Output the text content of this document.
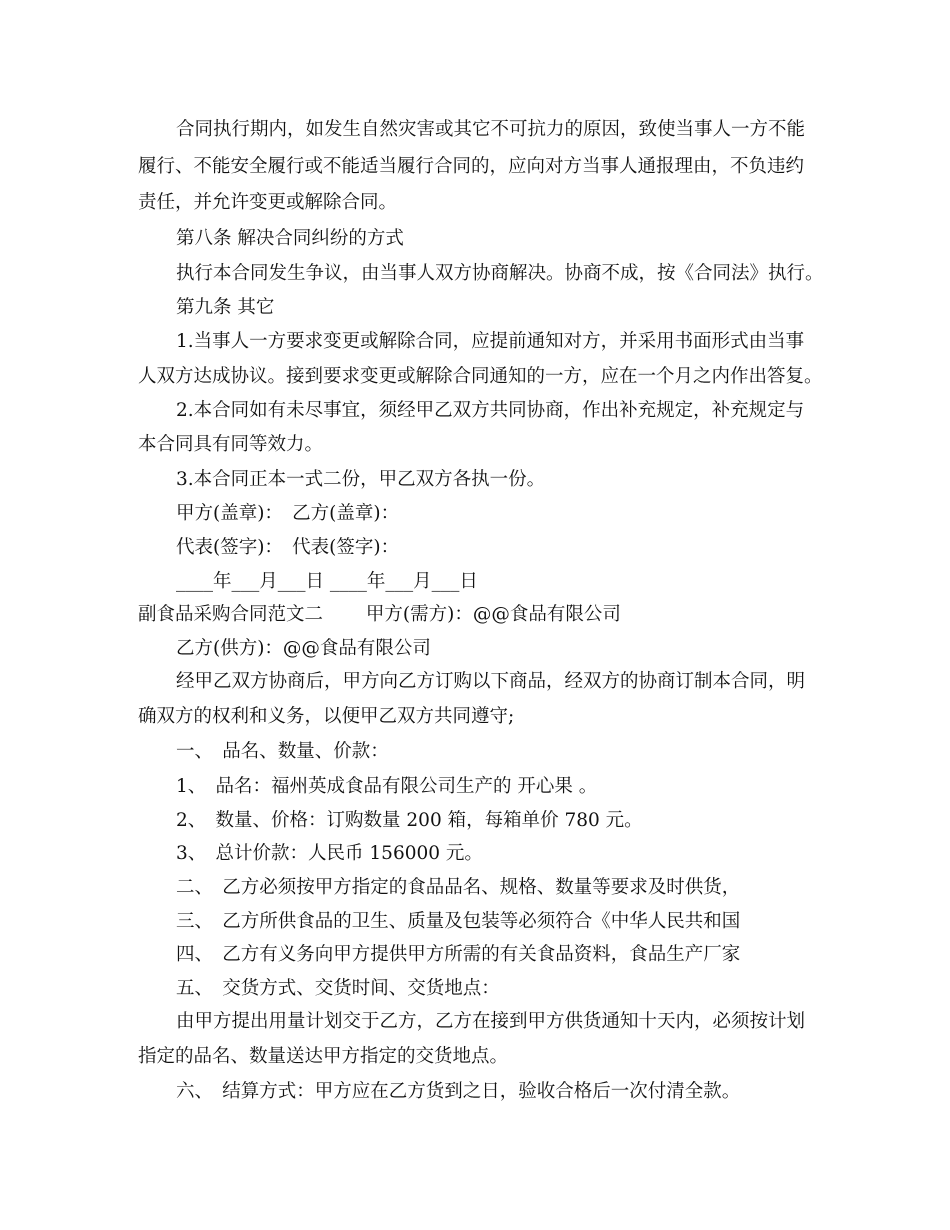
合同执行期内，如发生自然灾害或其它不可抗力的原因，致使当事人一方不能
履行、不能安全履行或不能适当履行合同的，应向对方当事人通报理由，不负违约
责任，并允许变更或解除合同。
第八条 解决合同纠纷的方式
执行本合同发生争议，由当事人双方协商解决。协商不成，按《合同法》执行。
第九条 其它
1.当事人一方要求变更或解除合同，应提前通知对方，并采用书面形式由当事
人双方达成协议。接到要求变更或解除合同通知的一方，应在一个月之内作出答复。
2.本合同如有未尽事宜，须经甲乙双方共同协商，作出补充规定，补充规定与
本合同具有同等效力。
3.本合同正本一式二份，甲乙双方各执一份。
甲方(盖章)：　乙方(盖章)：
代表(签字)：　代表(签字)：
____年___月___日 ____年___月___日
副食品采购合同范文二　　 甲方(需方)：@@食品有限公司
乙方(供方)：@@食品有限公司
经甲乙双方协商后，甲方向乙方订购以下商品，经双方的协商订制本合同，明
确双方的权利和义务，以便甲乙双方共同遵守;
一、　品名、数量、价款：
1、　品名：福州英成食品有限公司生产的 开心果 。
2、　数量、价格：订购数量 200 箱，每箱单价 780 元。
3、　总计价款：人民币 156000 元。
二、　乙方必须按甲方指定的食品品名、规格、数量等要求及时供货，
三、　乙方所供食品的卫生、质量及包装等必须符合《中华人民共和国
四、　乙方有义务向甲方提供甲方所需的有关食品资料，食品生产厂家
五、　交货方式、交货时间、交货地点：
由甲方提出用量计划交于乙方，乙方在接到甲方供货通知十天内，必须按计划
指定的品名、数量送达甲方指定的交货地点。
六、　结算方式：甲方应在乙方货到之日，验收合格后一次付清全款。
